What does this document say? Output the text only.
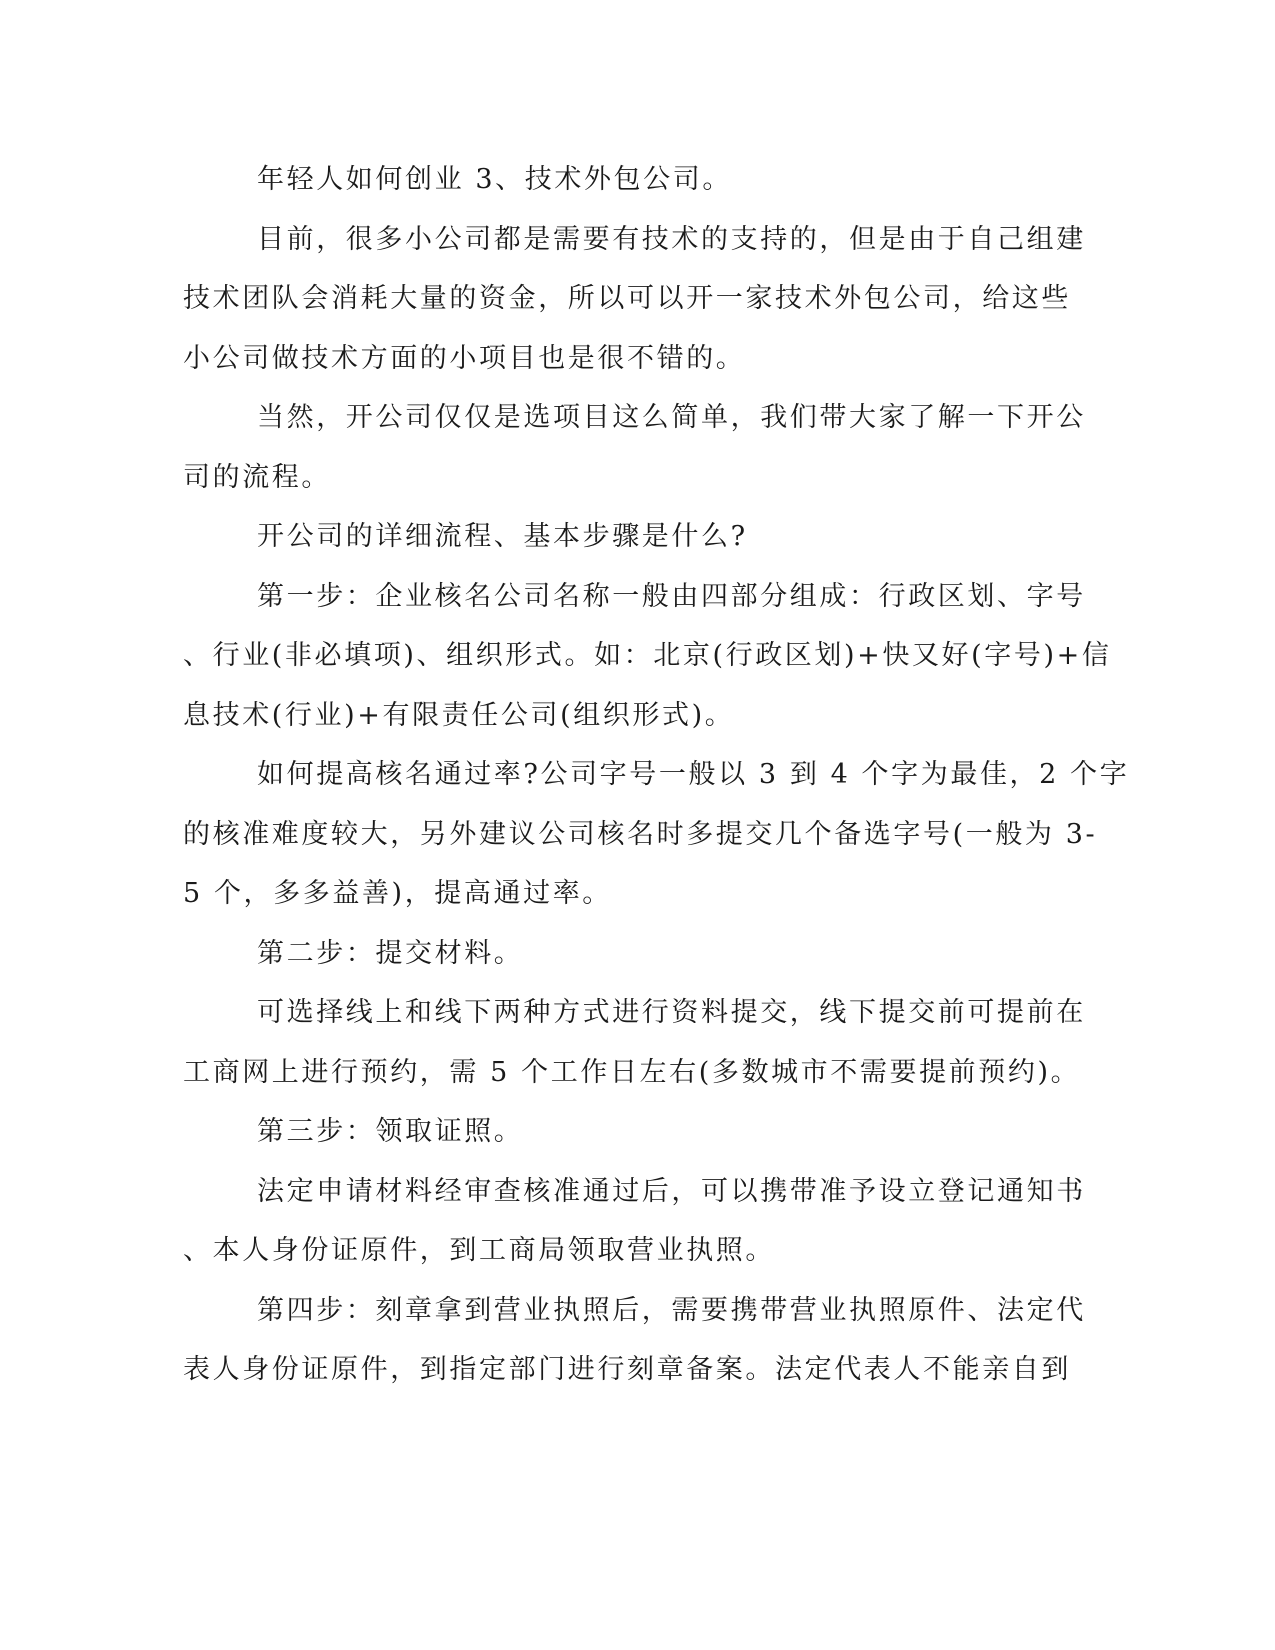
年轻人如何创业 3、技术外包公司。

目前，很多小公司都是需要有技术的支持的，但是由于自己组建
技术团队会消耗大量的资金，所以可以开一家技术外包公司，给这些
小公司做技术方面的小项目也是很不错的。

当然，开公司仅仅是选项目这么简单，我们带大家了解一下开公
司的流程。

开公司的详细流程、基本步骤是什么?

第一步：企业核名公司名称一般由四部分组成：行政区划、字号
、行业(非必填项)、组织形式。如：北京(行政区划)+快又好(字号)+信
息技术(行业)+有限责任公司(组织形式)。

如何提高核名通过率?公司字号一般以 3 到 4 个字为最佳，2 个字
的核准难度较大，另外建议公司核名时多提交几个备选字号(一般为 3-
5 个，多多益善)，提高通过率。

第二步：提交材料。

可选择线上和线下两种方式进行资料提交，线下提交前可提前在
工商网上进行预约，需 5 个工作日左右(多数城市不需要提前预约)。

第三步：领取证照。

法定申请材料经审查核准通过后，可以携带准予设立登记通知书
、本人身份证原件，到工商局领取营业执照。

第四步：刻章拿到营业执照后，需要携带营业执照原件、法定代
表人身份证原件，到指定部门进行刻章备案。法定代表人不能亲自到
